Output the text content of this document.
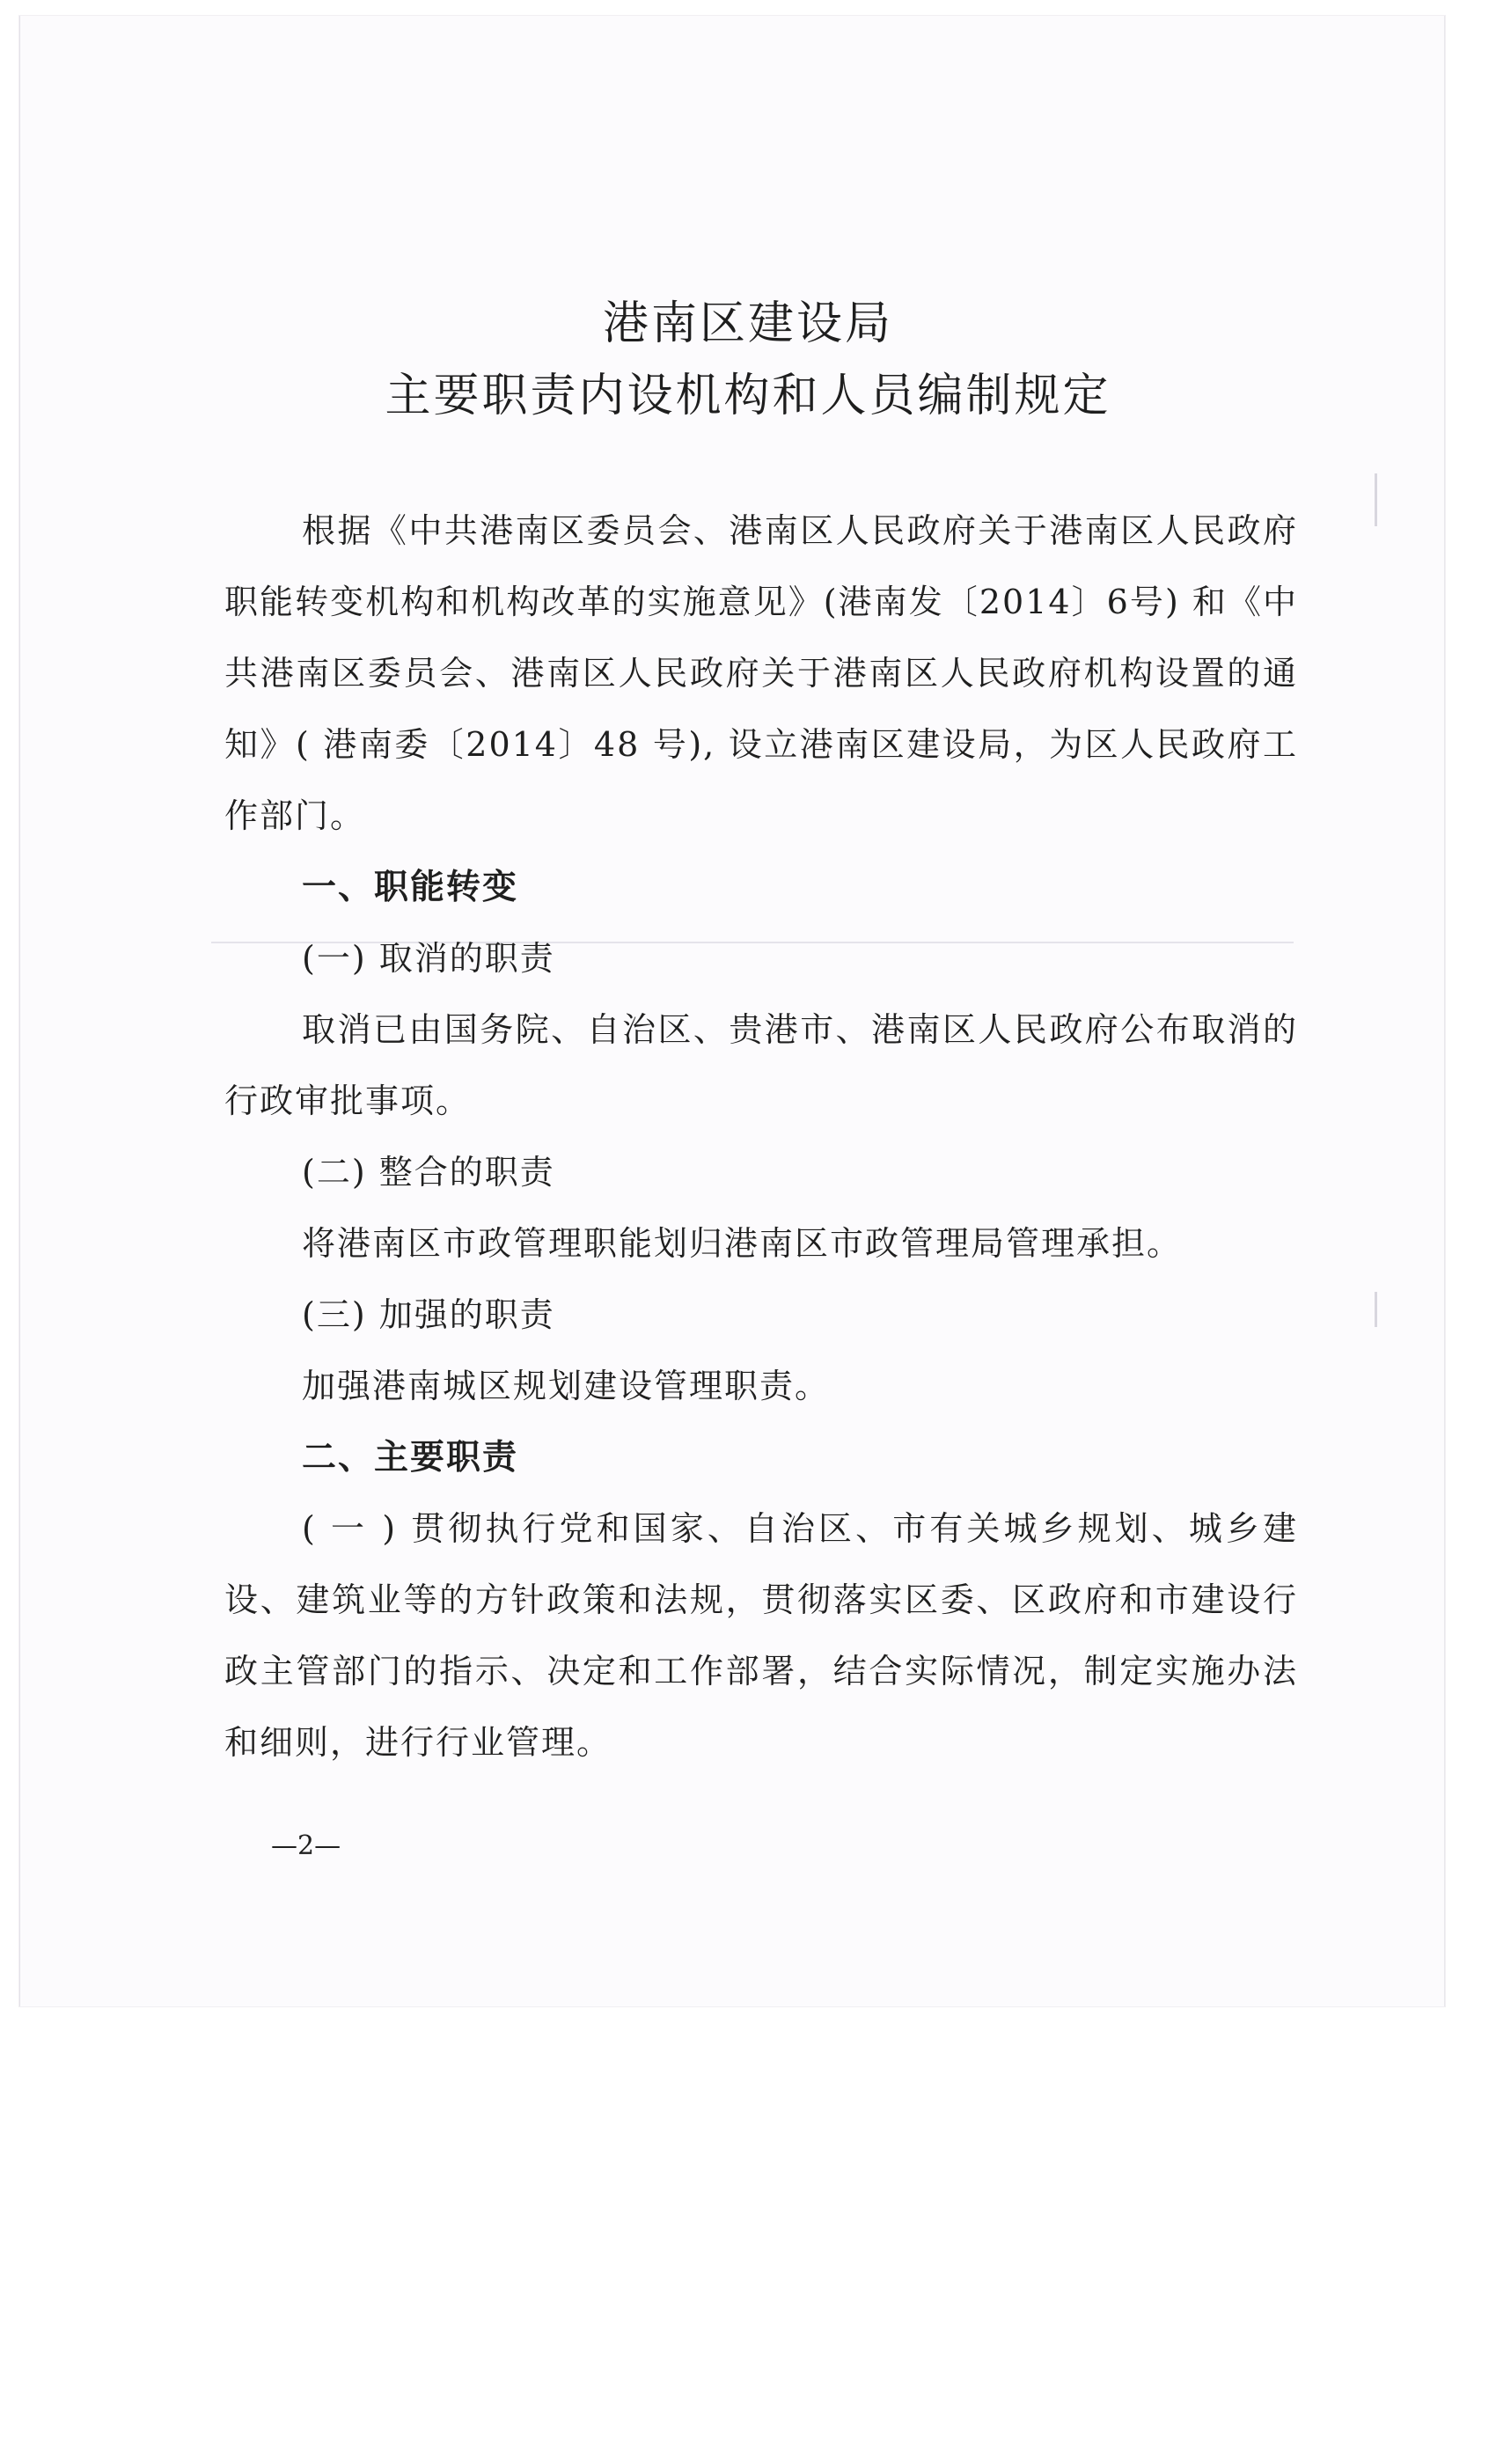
港南区建设局
主要职责内设机构和人员编制规定

根据《中共港南区委员会、港南区人民政府关于港南区人民政府职能转变机构和机构改革的实施意见》(港南发〔2014〕6号) 和《中共港南区委员会、港南区人民政府关于港南区人民政府机构设置的通知》( 港南委〔2014〕48 号), 设立港南区建设局，为区人民政府工作部门。

一、职能转变

(一) 取消的职责

取消已由国务院、自治区、贵港市、港南区人民政府公布取消的行政审批事项。

(二) 整合的职责

将港南区市政管理职能划归港南区市政管理局管理承担。

(三) 加强的职责

加强港南城区规划建设管理职责。

二、主要职责

( 一 ) 贯彻执行党和国家、自治区、市有关城乡规划、城乡建设、建筑业等的方针政策和法规，贯彻落实区委、区政府和市建设行政主管部门的指示、决定和工作部署，结合实际情况，制定实施办法和细则，进行行业管理。

—2—
